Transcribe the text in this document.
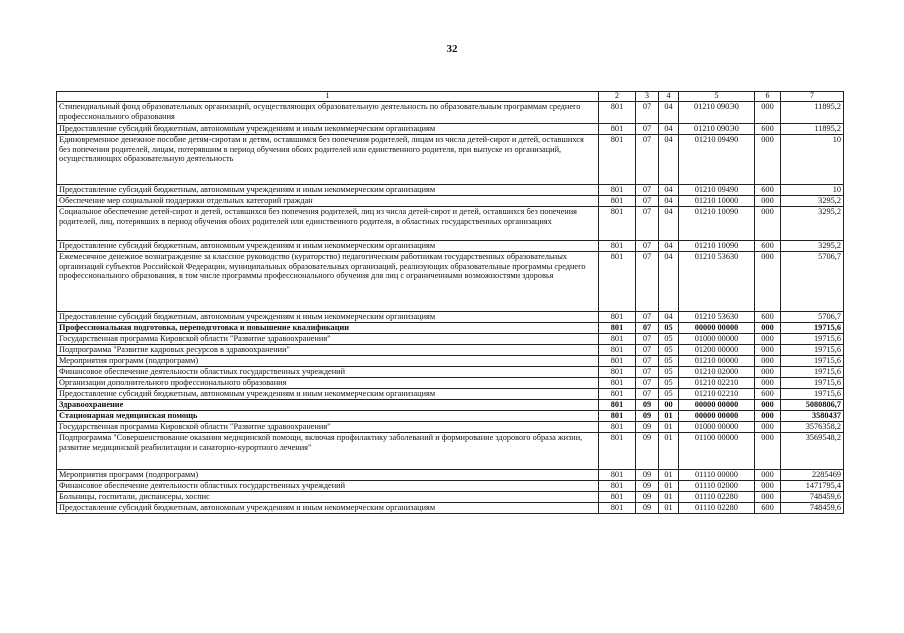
32
1	2	3	4	5	6	7
Стипендиальный фонд образовательных организаций, осуществляющих образовательную деятельность по образовательным программам среднего профессионального образования	801	07	04	01210 090Э0	000	11895,2
Предоставление субсидий бюджетным, автономным учреждениям и иным некоммерческим организациям	801	07	04	01210 090Э0	600	11895,2
Единовременное денежное пособие детям-сиротам и детям, оставшимся без попечения родителей, лицам из числа детей-сирот и детей, оставшихся без попечения родителей, лицам, потерявшим в период обучения обоих родителей или единственного родителя, при выпуске из организаций, осуществляющих образовательную деятельность	801	07	04	01210 09490	000	10
Предоставление субсидий бюджетным, автономным учреждениям и иным некоммерческим организациям	801	07	04	01210 09490	600	10
Обеспечение мер социальной поддержки отдельных категорий граждан	801	07	04	01210 10000	000	3295,2
Социальное обеспечение детей-сирот и детей, оставшихся без попечения родителей, лиц из числа детей-сирот и детей, оставшихся без попечения родителей, лиц, потерявших в период обучения обоих родителей или единственного родителя, в областных государственных организациях	801	07	04	01210 10090	000	3295,2
Предоставление субсидий бюджетным, автономным учреждениям и иным некоммерческим организациям	801	07	04	01210 10090	600	3295,2
Ежемесячное денежное вознаграждение за классное руководство (кураторство) педагогическим работникам государственных образовательных организаций субъектов Российской Федерации, муниципальных образовательных организаций, реализующих образовательные программы среднего профессионального образования, в том числе программы профессионального обучения для лиц с ограниченными возможностями здоровья	801	07	04	01210 53630	000	5706,7
Предоставление субсидий бюджетным, автономным учреждениям и иным некоммерческим организациям	801	07	04	01210 53630	600	5706,7
Профессиональная подготовка, переподготовка и повышение квалификации	801	07	05	00000 00000	000	19715,6
Государственная программа Кировской области "Развитие здравоохранения"	801	07	05	01000 00000	000	19715,6
Подпрограмма "Развитие кадровых ресурсов в здравоохранении"	801	07	05	01200 00000	000	19715,6
Мероприятия программ (подпрограмм)	801	07	05	01210 00000	000	19715,6
Финансовое обеспечение деятельности областных государственных учреждений	801	07	05	01210 02000	000	19715,6
Организации дополнительного профессионального образования	801	07	05	01210 02210	000	19715,6
Предоставление субсидий бюджетным, автономным учреждениям и иным некоммерческим организациям	801	07	05	01210 02210	600	19715,6
Здравоохранение	801	09	00	00000 00000	000	5080806,7
Стационарная медицинская помощь	801	09	01	00000 00000	000	3580437
Государственная программа Кировской области "Развитие здравоохранения"	801	09	01	01000 00000	000	3576358,2
Подпрограмма "Совершенствование оказания медицинской помощи, включая профилактику заболеваний и формирование здорового образа жизни, развитие медицинской реабилитации и санаторно-курортного лечения"	801	09	01	01100 00000	000	3569548,2
Мероприятия программ (подпрограмм)	801	09	01	01110 00000	000	2285469
Финансовое обеспечение деятельности областных государственных учреждений	801	09	01	01110 02000	000	1471795,4
Больницы, госпитали, диспансеры, хоспис	801	09	01	01110 02280	000	748459,6
Предоставление субсидий бюджетным, автономным учреждениям и иным некоммерческим организациям	801	09	01	01110 02280	600	748459,6
